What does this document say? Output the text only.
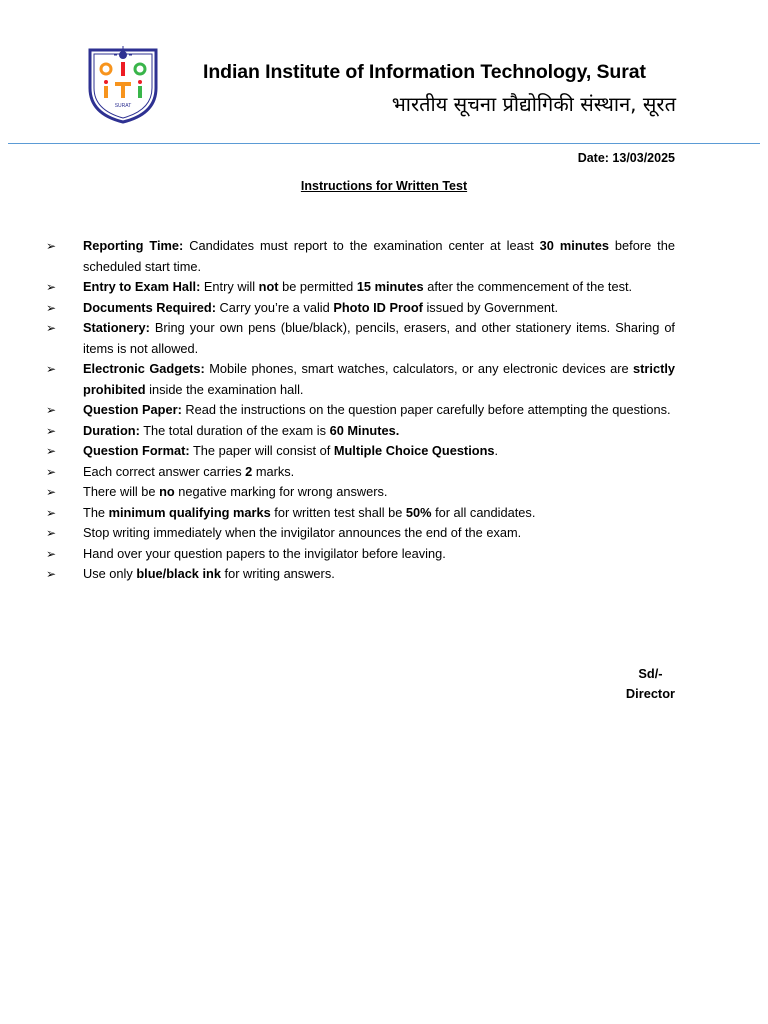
SURAT
Indian Institute of Information Technology, Surat
भारतीय सूचना प्रौद्योगिकी संस्थान, सूरत
Date: 13/03/2025
Instructions for Written Test
➢ Reporting Time: Candidates must report to the examination center at least 30 minutes before the scheduled start time.
➢ Entry to Exam Hall: Entry will not be permitted 15 minutes after the commencement of the test.
➢ Documents Required: Carry you’re a valid Photo ID Proof issued by Government.
➢ Stationery: Bring your own pens (blue/black), pencils, erasers, and other stationery items. Sharing of items is not allowed.
➢ Electronic Gadgets: Mobile phones, smart watches, calculators, or any electronic devices are strictly prohibited inside the examination hall.
➢ Question Paper: Read the instructions on the question paper carefully before attempting the questions.
➢ Duration: The total duration of the exam is 60 Minutes.
➢ Question Format: The paper will consist of Multiple Choice Questions.
➢ Each correct answer carries 2 marks.
➢ There will be no negative marking for wrong answers.
➢ The minimum qualifying marks for written test shall be 50% for all candidates.
➢ Stop writing immediately when the invigilator announces the end of the exam.
➢ Hand over your question papers to the invigilator before leaving.
➢ Use only blue/black ink for writing answers.
Sd/-
Director
